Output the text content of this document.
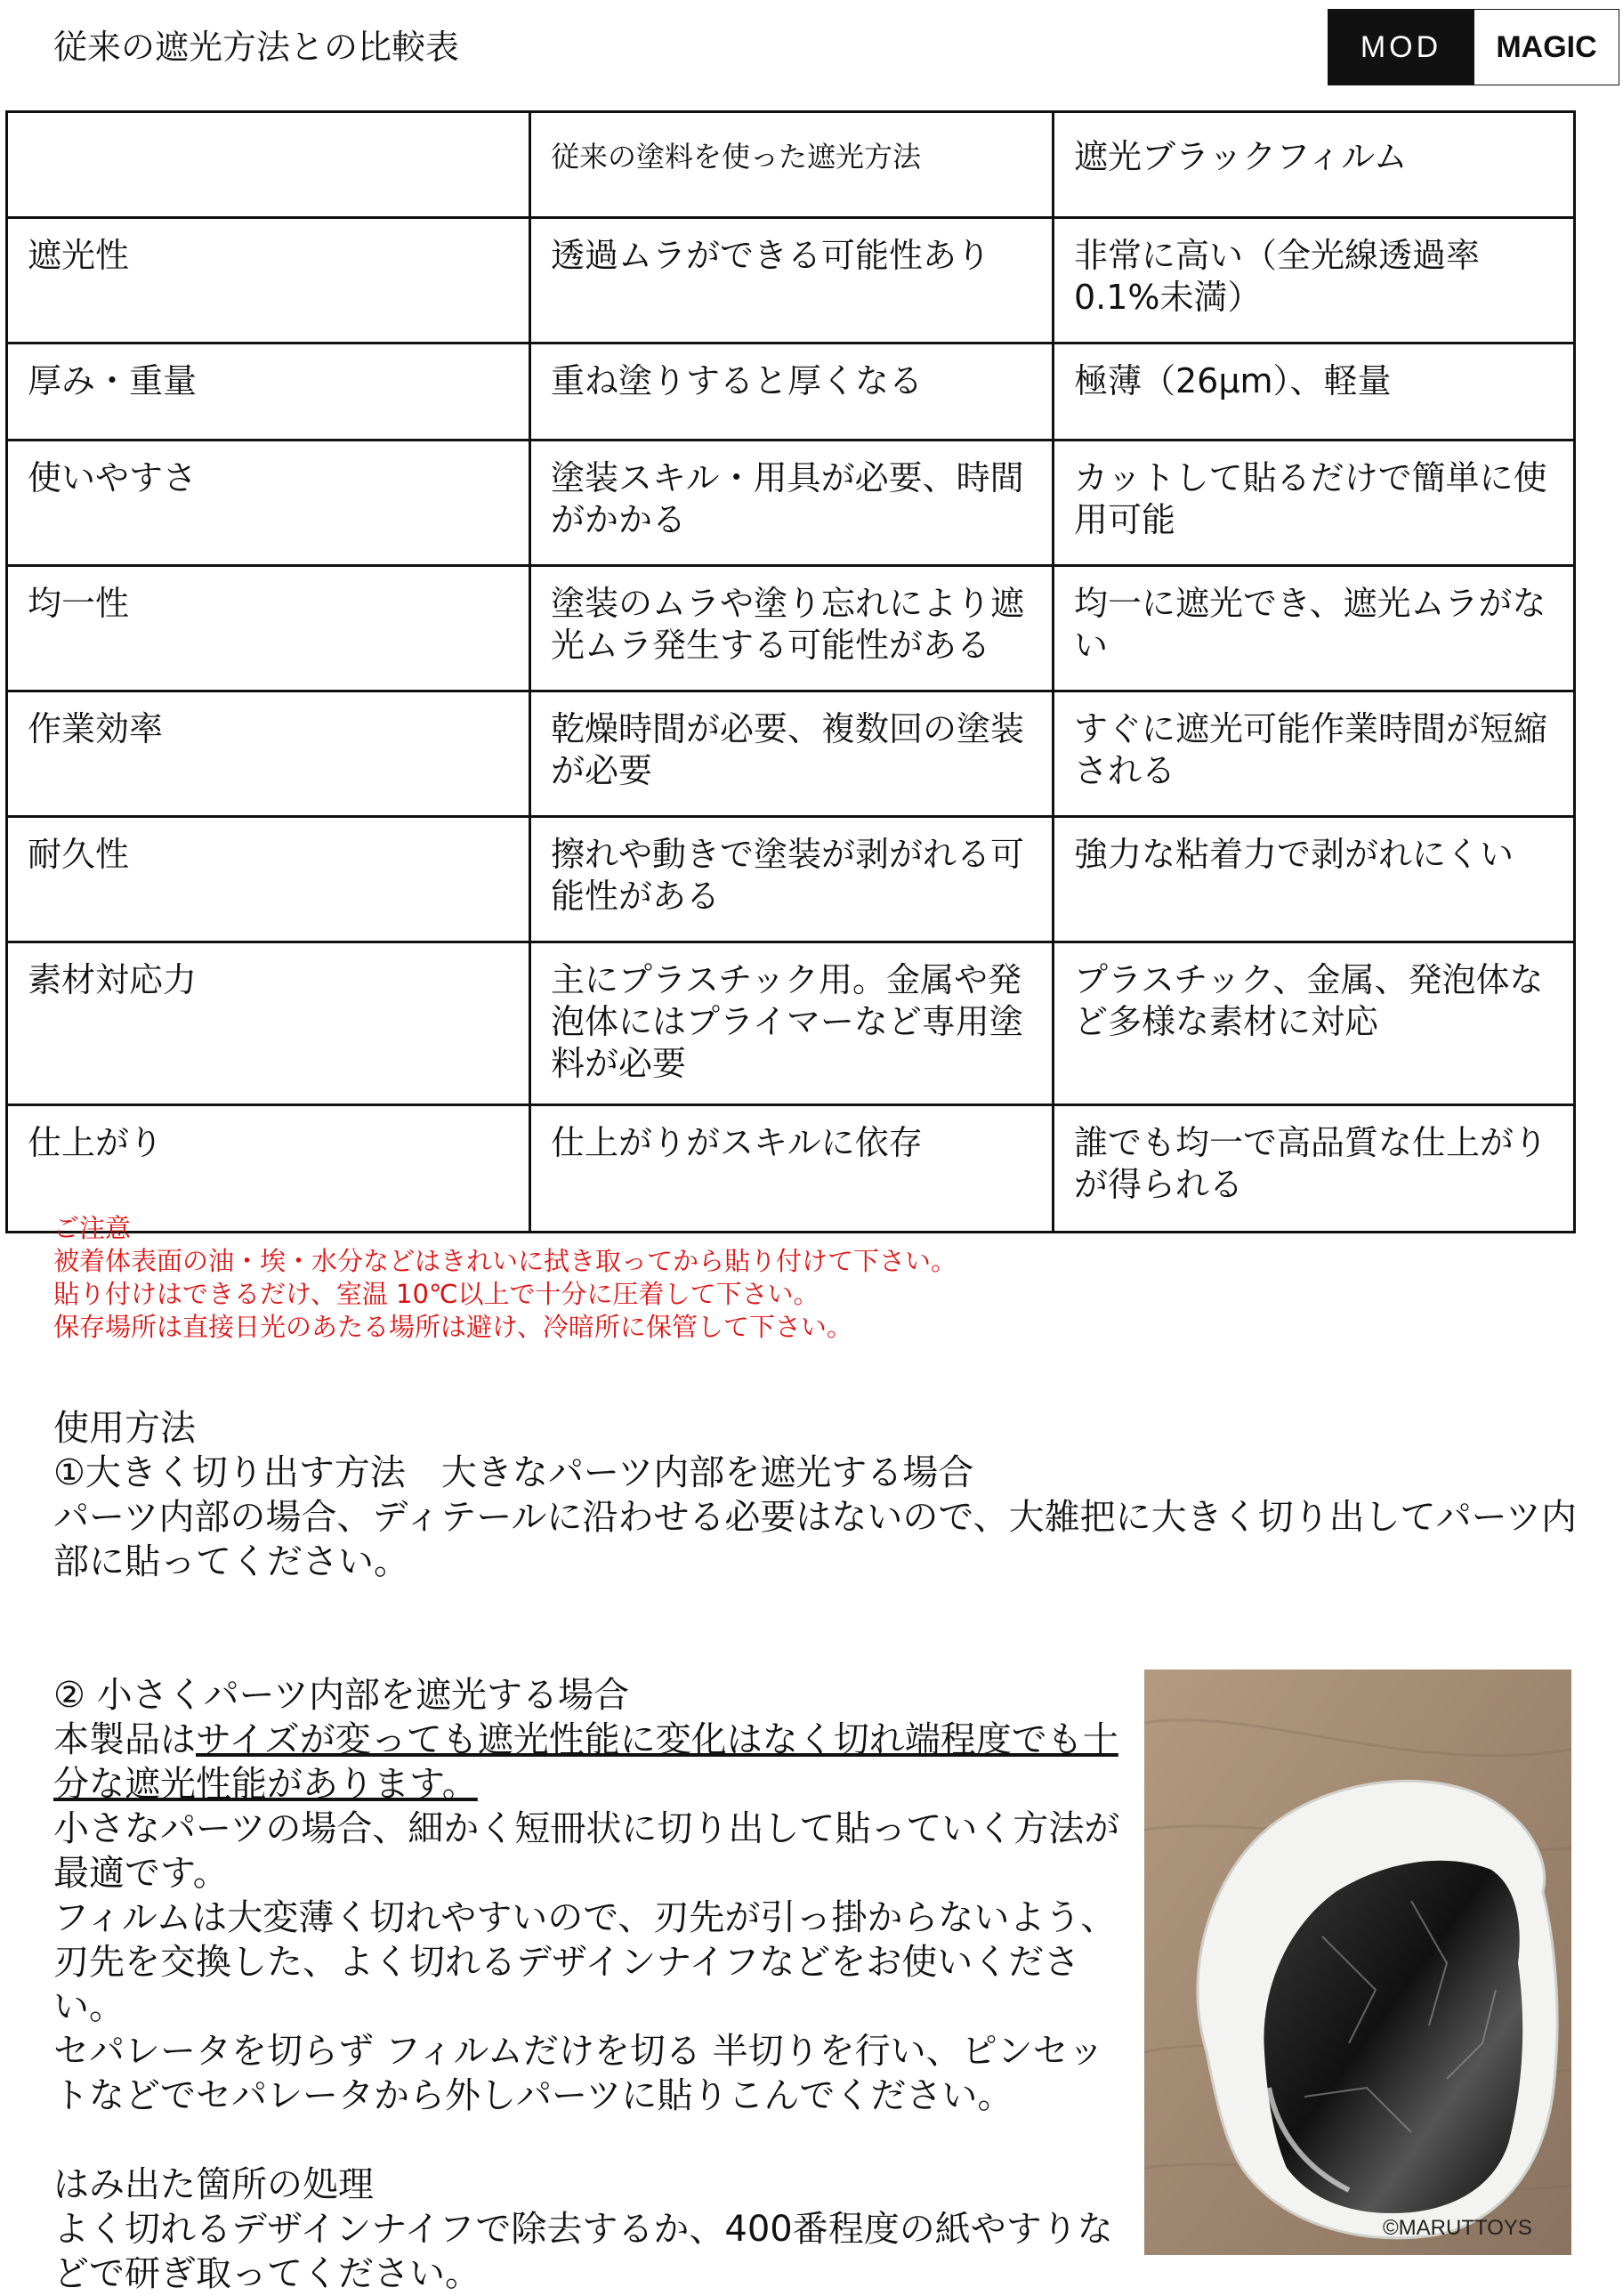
従来の遮光方法との比較表	MOD	MAGIC
	従来の塗料を使った遮光方法	遮光ブラックフィルム
遮光性	透過ムラができる可能性あり	非常に高い（全光線透過率 0.1%未満）
厚み・重量	重ね塗りすると厚くなる	極薄（26μm）、軽量
使いやすさ	塗装スキル・用具が必要、時間がかかる	カットして貼るだけで簡単に使用可能
均一性	塗装のムラや塗り忘れにより遮光ムラ発生する可能性がある	均一に遮光でき、遮光ムラがない
作業効率	乾燥時間が必要、複数回の塗装が必要	すぐに遮光可能作業時間が短縮される
耐久性	擦れや動きで塗装が剥がれる可能性がある	強力な粘着力で剥がれにくい
素材対応力	主にプラスチック用。金属や発泡体にはプライマーなど専用塗料が必要	プラスチック、金属、発泡体など多様な素材に対応
仕上がり	仕上がりがスキルに依存	誰でも均一で高品質な仕上がりが得られる
ご注意
被着体表面の油・埃・水分などはきれいに拭き取ってから貼り付けて下さい。
貼り付けはできるだけ、室温 10℃以上で十分に圧着して下さい。
保存場所は直接日光のあたる場所は避け、冷暗所に保管して下さい。
使用方法
①大きく切り出す方法　大きなパーツ内部を遮光する場合
パーツ内部の場合、ディテールに沿わせる必要はないので、大雑把に大きく切り出してパーツ内部に貼ってください。
② 小さくパーツ内部を遮光する場合
本製品はサイズが変っても遮光性能に変化はなく切れ端程度でも十分な遮光性能があります。
小さなパーツの場合、細かく短冊状に切り出して貼っていく方法が最適です。
フィルムは大変薄く切れやすいので、刃先が引っ掛からないよう、刃先を交換した、よく切れるデザインナイフなどをお使いください。
セパレータを切らず フィルムだけを切る 半切りを行い、ピンセットなどでセパレータから外しパーツに貼りこんでください。
はみ出た箇所の処理
よく切れるデザインナイフで除去するか、400番程度の紙やすりなどで研ぎ取ってください。
©MARUTTOYS
